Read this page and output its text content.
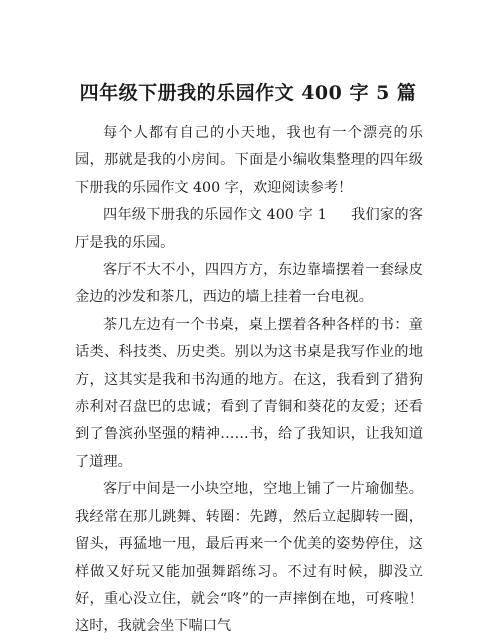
四年级下册我的乐园作文 400 字 5 篇

每个人都有自己的小天地，我也有一个漂亮的乐园，那就是我的小房间。下面是小编收集整理的四年级下册我的乐园作文 400 字，欢迎阅读参考！

四年级下册我的乐园作文 400 字 1 我们家的客厅是我的乐园。

客厅不大不小，四四方方，东边靠墙摆着一套绿皮金边的沙发和茶几，西边的墙上挂着一台电视。

茶几左边有一个书桌，桌上摆着各种各样的书：童话类、科技类、历史类。别以为这书桌是我写作业的地方，这其实是我和书沟通的地方。在这，我看到了猎狗赤利对召盘巴的忠诚；看到了青铜和葵花的友爱；还看到了鲁滨孙坚强的精神……书，给了我知识，让我知道了道理。

客厅中间是一小块空地，空地上铺了一片瑜伽垫。我经常在那儿跳舞、转圈：先蹲，然后立起脚转一圈，留头，再猛地一甩，最后再来一个优美的姿势停住，这样做又好玩又能加强舞蹈练习。不过有时候，脚没立好，重心没立住，就会“咚”的一声摔倒在地，可疼啦！这时，我就会坐下喘口气
